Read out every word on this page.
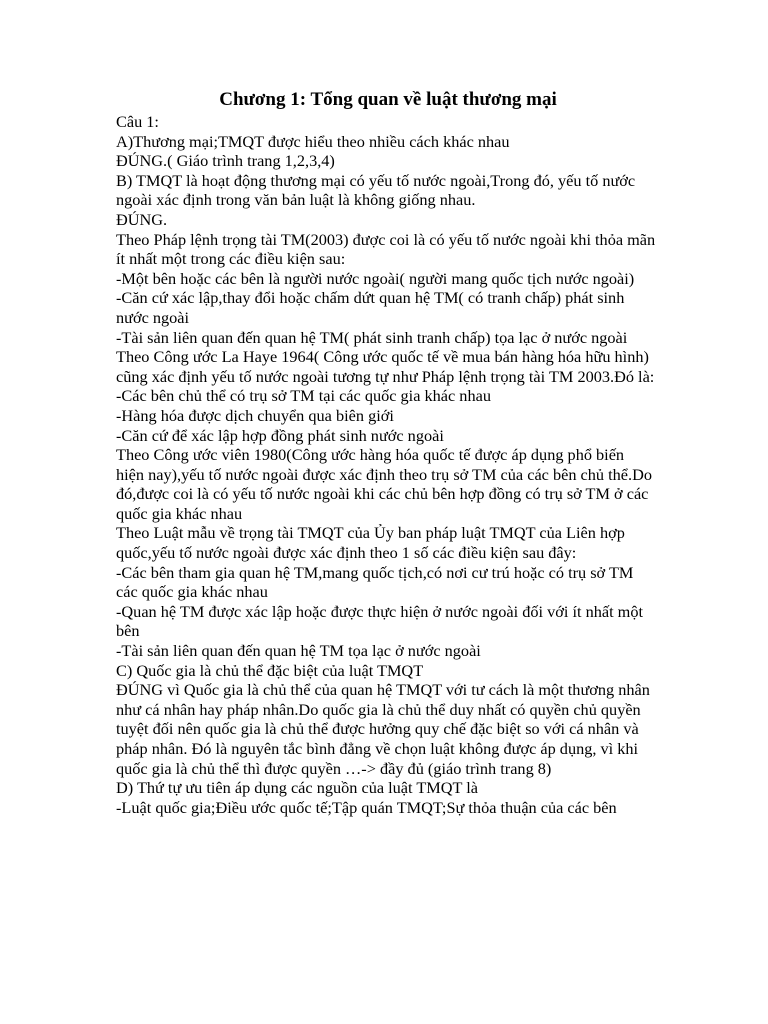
Chương 1: Tổng quan về luật thương mại

Câu 1:

A)Thương mại;TMQT được hiểu theo nhiều cách khác nhau

ĐÚNG.( Giáo trình trang 1,2,3,4)

B) TMQT là hoạt động thương mại có yếu tố nước ngoài,Trong đó, yếu tố nước ngoài xác định trong văn bản luật là không giống nhau.

ĐÚNG.

Theo Pháp lệnh trọng tài TM(2003) được coi là có yếu tố nước ngoài khi thỏa mãn ít nhất một trong các điều kiện sau:

-Một bên hoặc các bên là người nước ngoài( người mang quốc tịch nước ngoài)

-Căn cứ xác lập,thay đổi hoặc chấm dứt quan hệ TM( có tranh chấp) phát sinh nước ngoài

-Tài sản liên quan đến quan hệ TM( phát sinh tranh chấp) tọa lạc ở nước ngoài

Theo Công ước La Haye 1964( Công ước quốc tế về mua bán hàng hóa hữu hình) cũng xác định yếu tố nước ngoài tương tự như Pháp lệnh trọng tài TM 2003.Đó là:

-Các bên chủ thể có trụ sở TM tại các quốc gia khác nhau

-Hàng hóa được dịch chuyển qua biên giới

-Căn cứ để xác lập hợp đồng phát sinh nước ngoài

Theo Công ước viên 1980(Công ước hàng hóa quốc tế được áp dụng phổ biến hiện nay),yếu tố nước ngoài được xác định theo trụ sở TM của các bên chủ thể.Do đó,được coi là có yếu tố nước ngoài khi các chủ bên hợp đồng có trụ sở TM ở các quốc gia khác nhau

Theo Luật mẫu về trọng tài TMQT của Ủy ban pháp luật TMQT của Liên hợp quốc,yếu tố nước ngoài được xác định theo 1 số các điều kiện sau đây:

-Các bên tham gia quan hệ TM,mang quốc tịch,có nơi cư trú hoặc có trụ sở TM các quốc gia khác nhau

-Quan hệ TM được xác lập hoặc được thực hiện ở nước ngoài đối với ít nhất một bên

-Tài sản liên quan đến quan hệ TM tọa lạc ở nước ngoài

C) Quốc gia là chủ thể đặc biệt của luật TMQT

ĐÚNG vì Quốc gia là chủ thể của quan hệ TMQT với tư cách là một thương nhân như cá nhân hay pháp nhân.Do quốc gia là chủ thể duy nhất có quyền chủ quyền tuyệt đối nên quốc gia là chủ thể được hưởng quy chế đặc biệt so với cá nhân và pháp nhân. Đó là nguyên tắc bình đẳng về chọn luật không được áp dụng, vì khi quốc gia là chủ thể thì được quyền …-> đầy đủ (giáo trình trang 8)

D) Thứ tự ưu tiên áp dụng các nguồn của luật TMQT là

-Luật quốc gia;Điều ước quốc tế;Tập quán TMQT;Sự thỏa thuận của các bên
